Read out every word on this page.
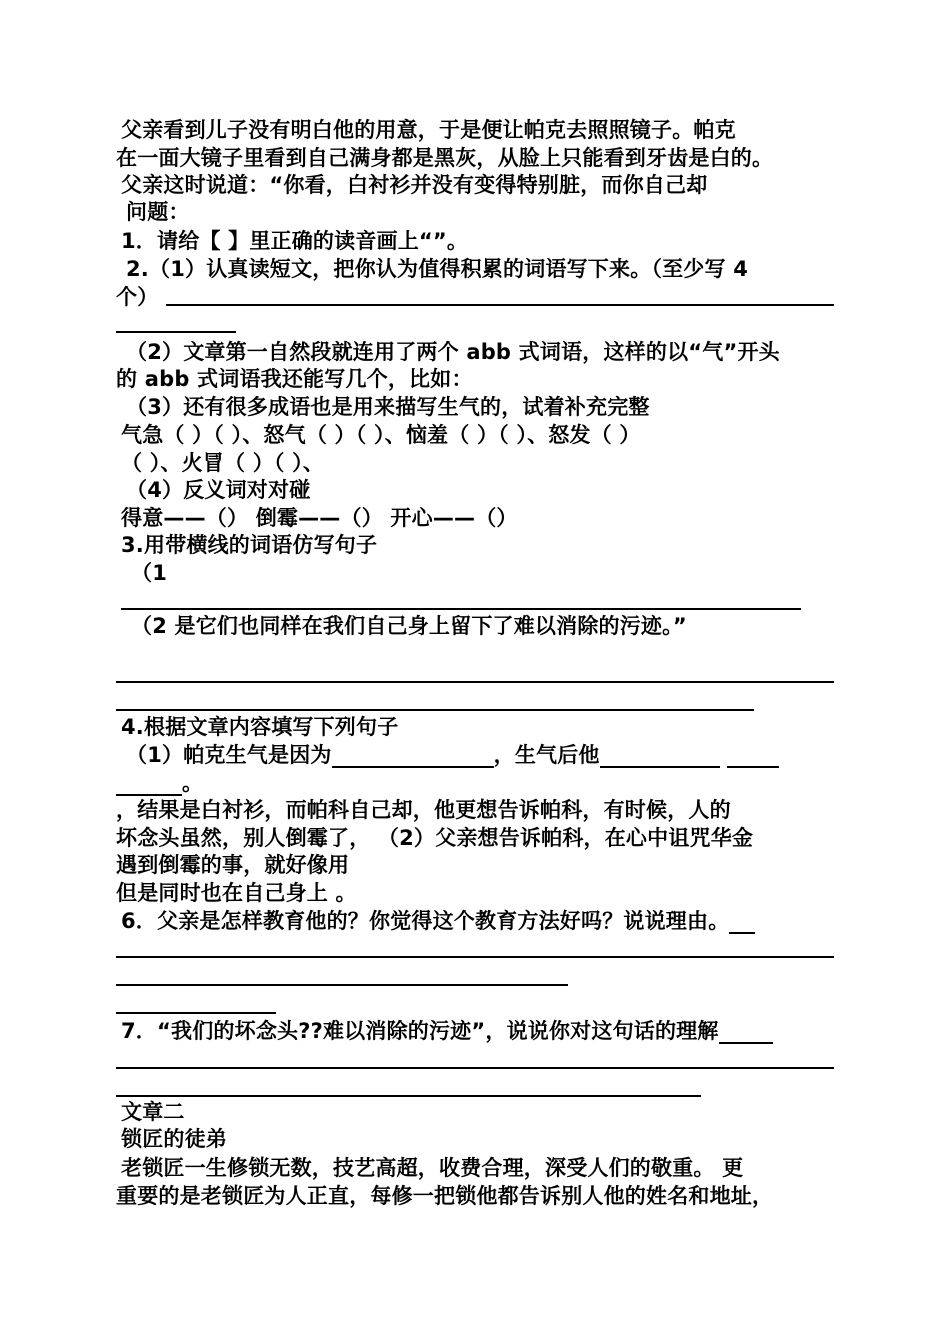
父亲看到儿子没有明白他的用意，于是便让帕克去照照镜子。帕克
在一面大镜子里看到自己满身都是黑灰，从脸上只能看到牙齿是白的。
父亲这时说道：“你看，白衬衫并没有变得特别脏，而你自己却
问题：
1．请给【 】里正确的读音画上“”。
2.（1）认真读短文，把你认为值得积累的词语写下来。（至少写 4
个）
（2）文章第一自然段就连用了两个 abb 式词语，这样的以“气”开头
的 abb 式词语我还能写几个，比如：
（3）还有很多成语也是用来描写生气的，试着补充完整
气急（ ）（ ）、怒气（ ）（ ）、恼羞（ ）（ ）、怒发（ ）
（ ）、火冒（ ）（ ）、
（4）反义词对对碰
得意——（） 倒霉——（） 开心——（）
3.用带横线的词语仿写句子
（1
（2 是它们也同样在我们自己身上留下了难以消除的污迹。”
4.根据文章内容填写下列句子
（1）帕克生气是因为	，生气后他
。
，结果是白衬衫，而帕科自己却，他更想告诉帕科，有时候，人的
坏念头虽然，别人倒霉了， （2）父亲想告诉帕科，在心中诅咒华金
遇到倒霉的事，就好像用
但是同时也在自己身上 。
6．父亲是怎样教育他的？你觉得这个教育方法好吗？说说理由。
7．“我们的坏念头??难以消除的污迹”，说说你对这句话的理解
文章二
锁匠的徒弟
老锁匠一生修锁无数，技艺高超，收费合理，深受人们的敬重。 更
重要的是老锁匠为人正直，每修一把锁他都告诉别人他的姓名和地址，
